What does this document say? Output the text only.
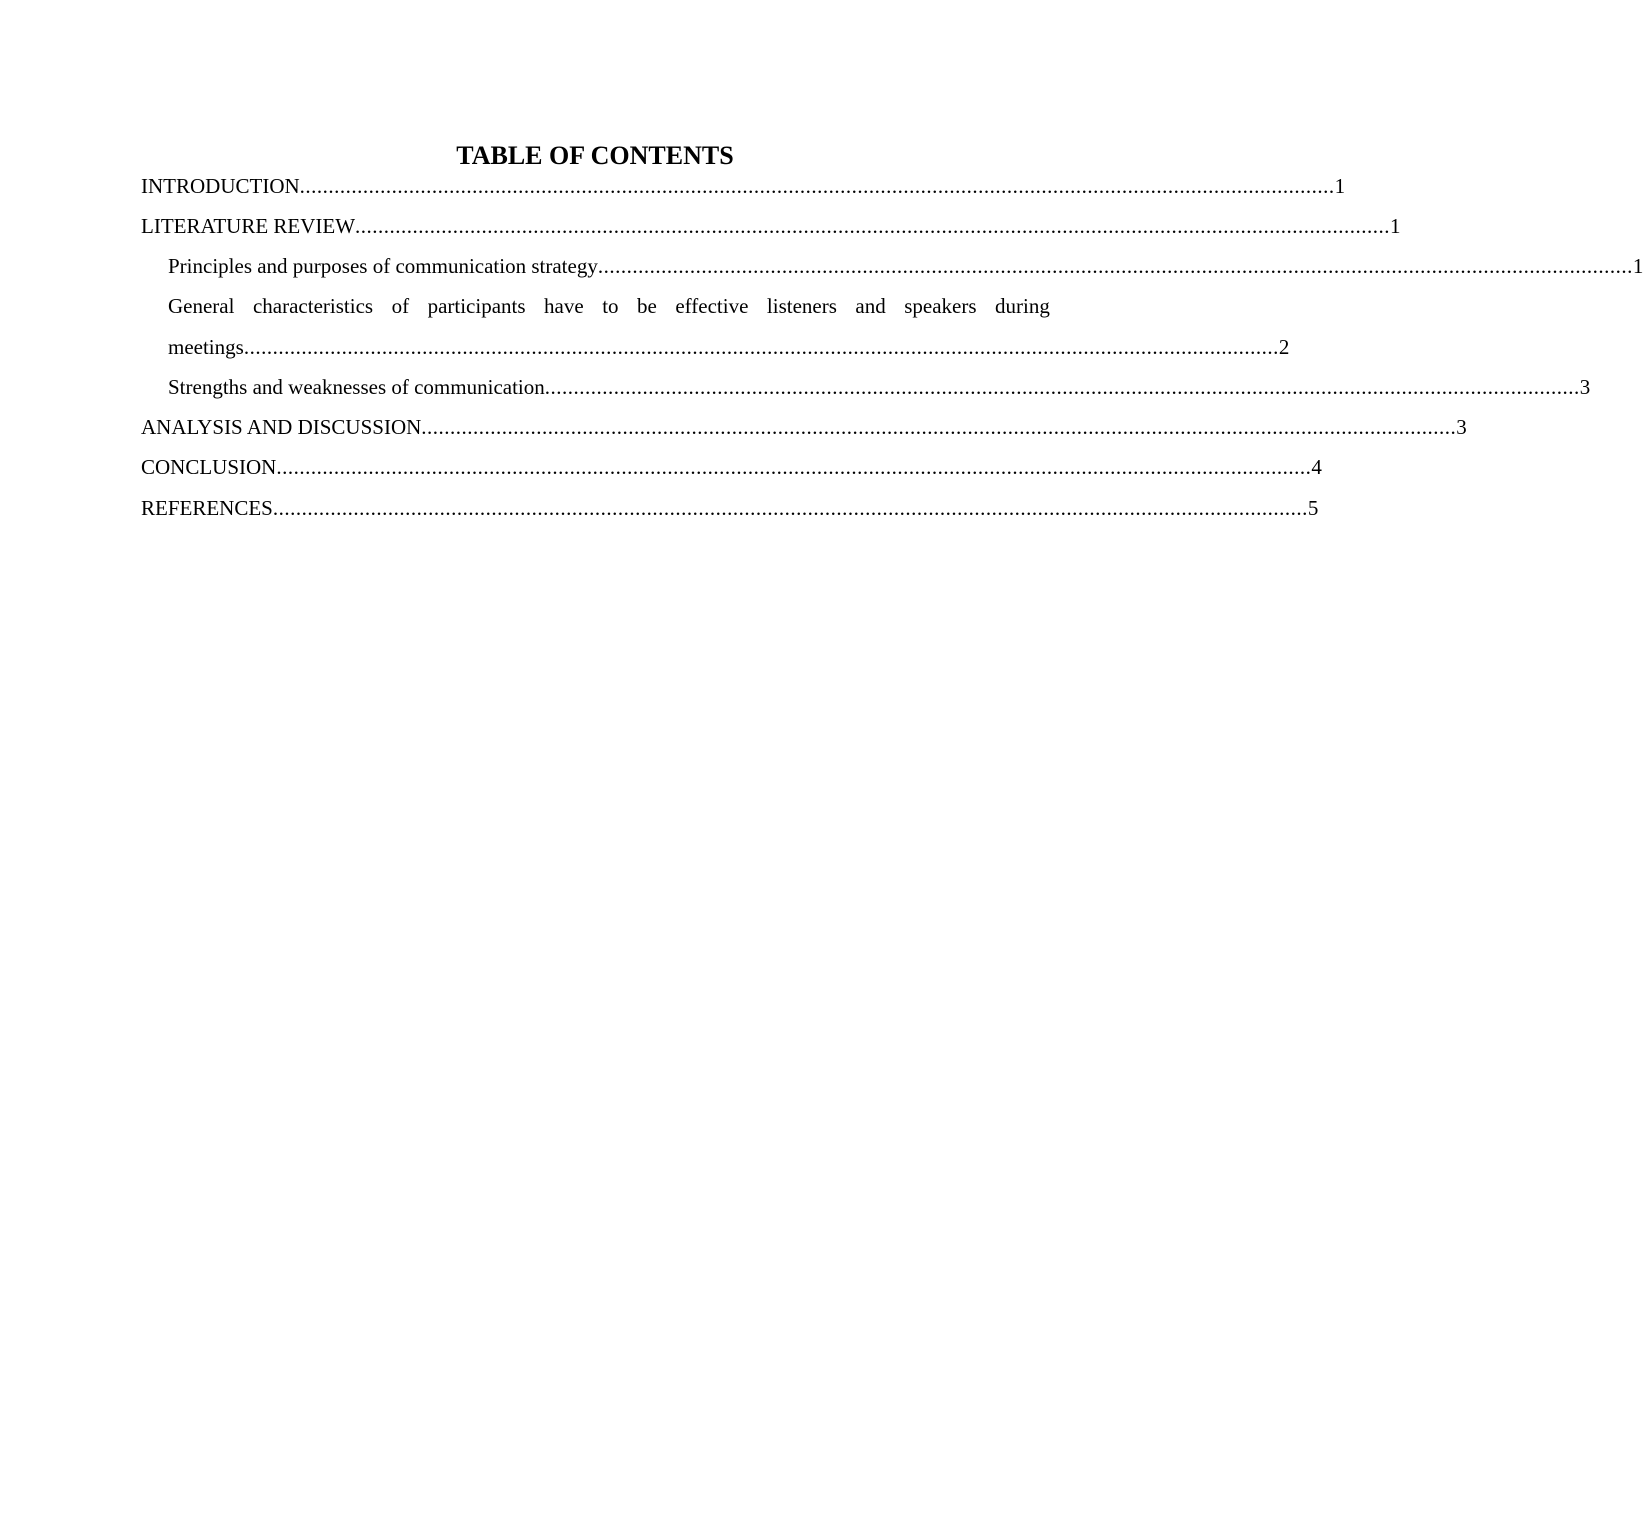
TABLE OF CONTENTS
INTRODUCTION .................................................................................................................................................................................... 1
LITERATURE REVIEW .................................................................................................................................................................................... 1
Principles and purposes of communication strategy .................................................................................................................................................................................... 1
General characteristics of participants have to be effective listeners and speakers during
meetings .................................................................................................................................................................................... 2
Strengths and weaknesses of communication .................................................................................................................................................................................... 3
ANALYSIS AND DISCUSSION .................................................................................................................................................................................... 3
CONCLUSION .................................................................................................................................................................................... 4
REFERENCES .................................................................................................................................................................................... 5
